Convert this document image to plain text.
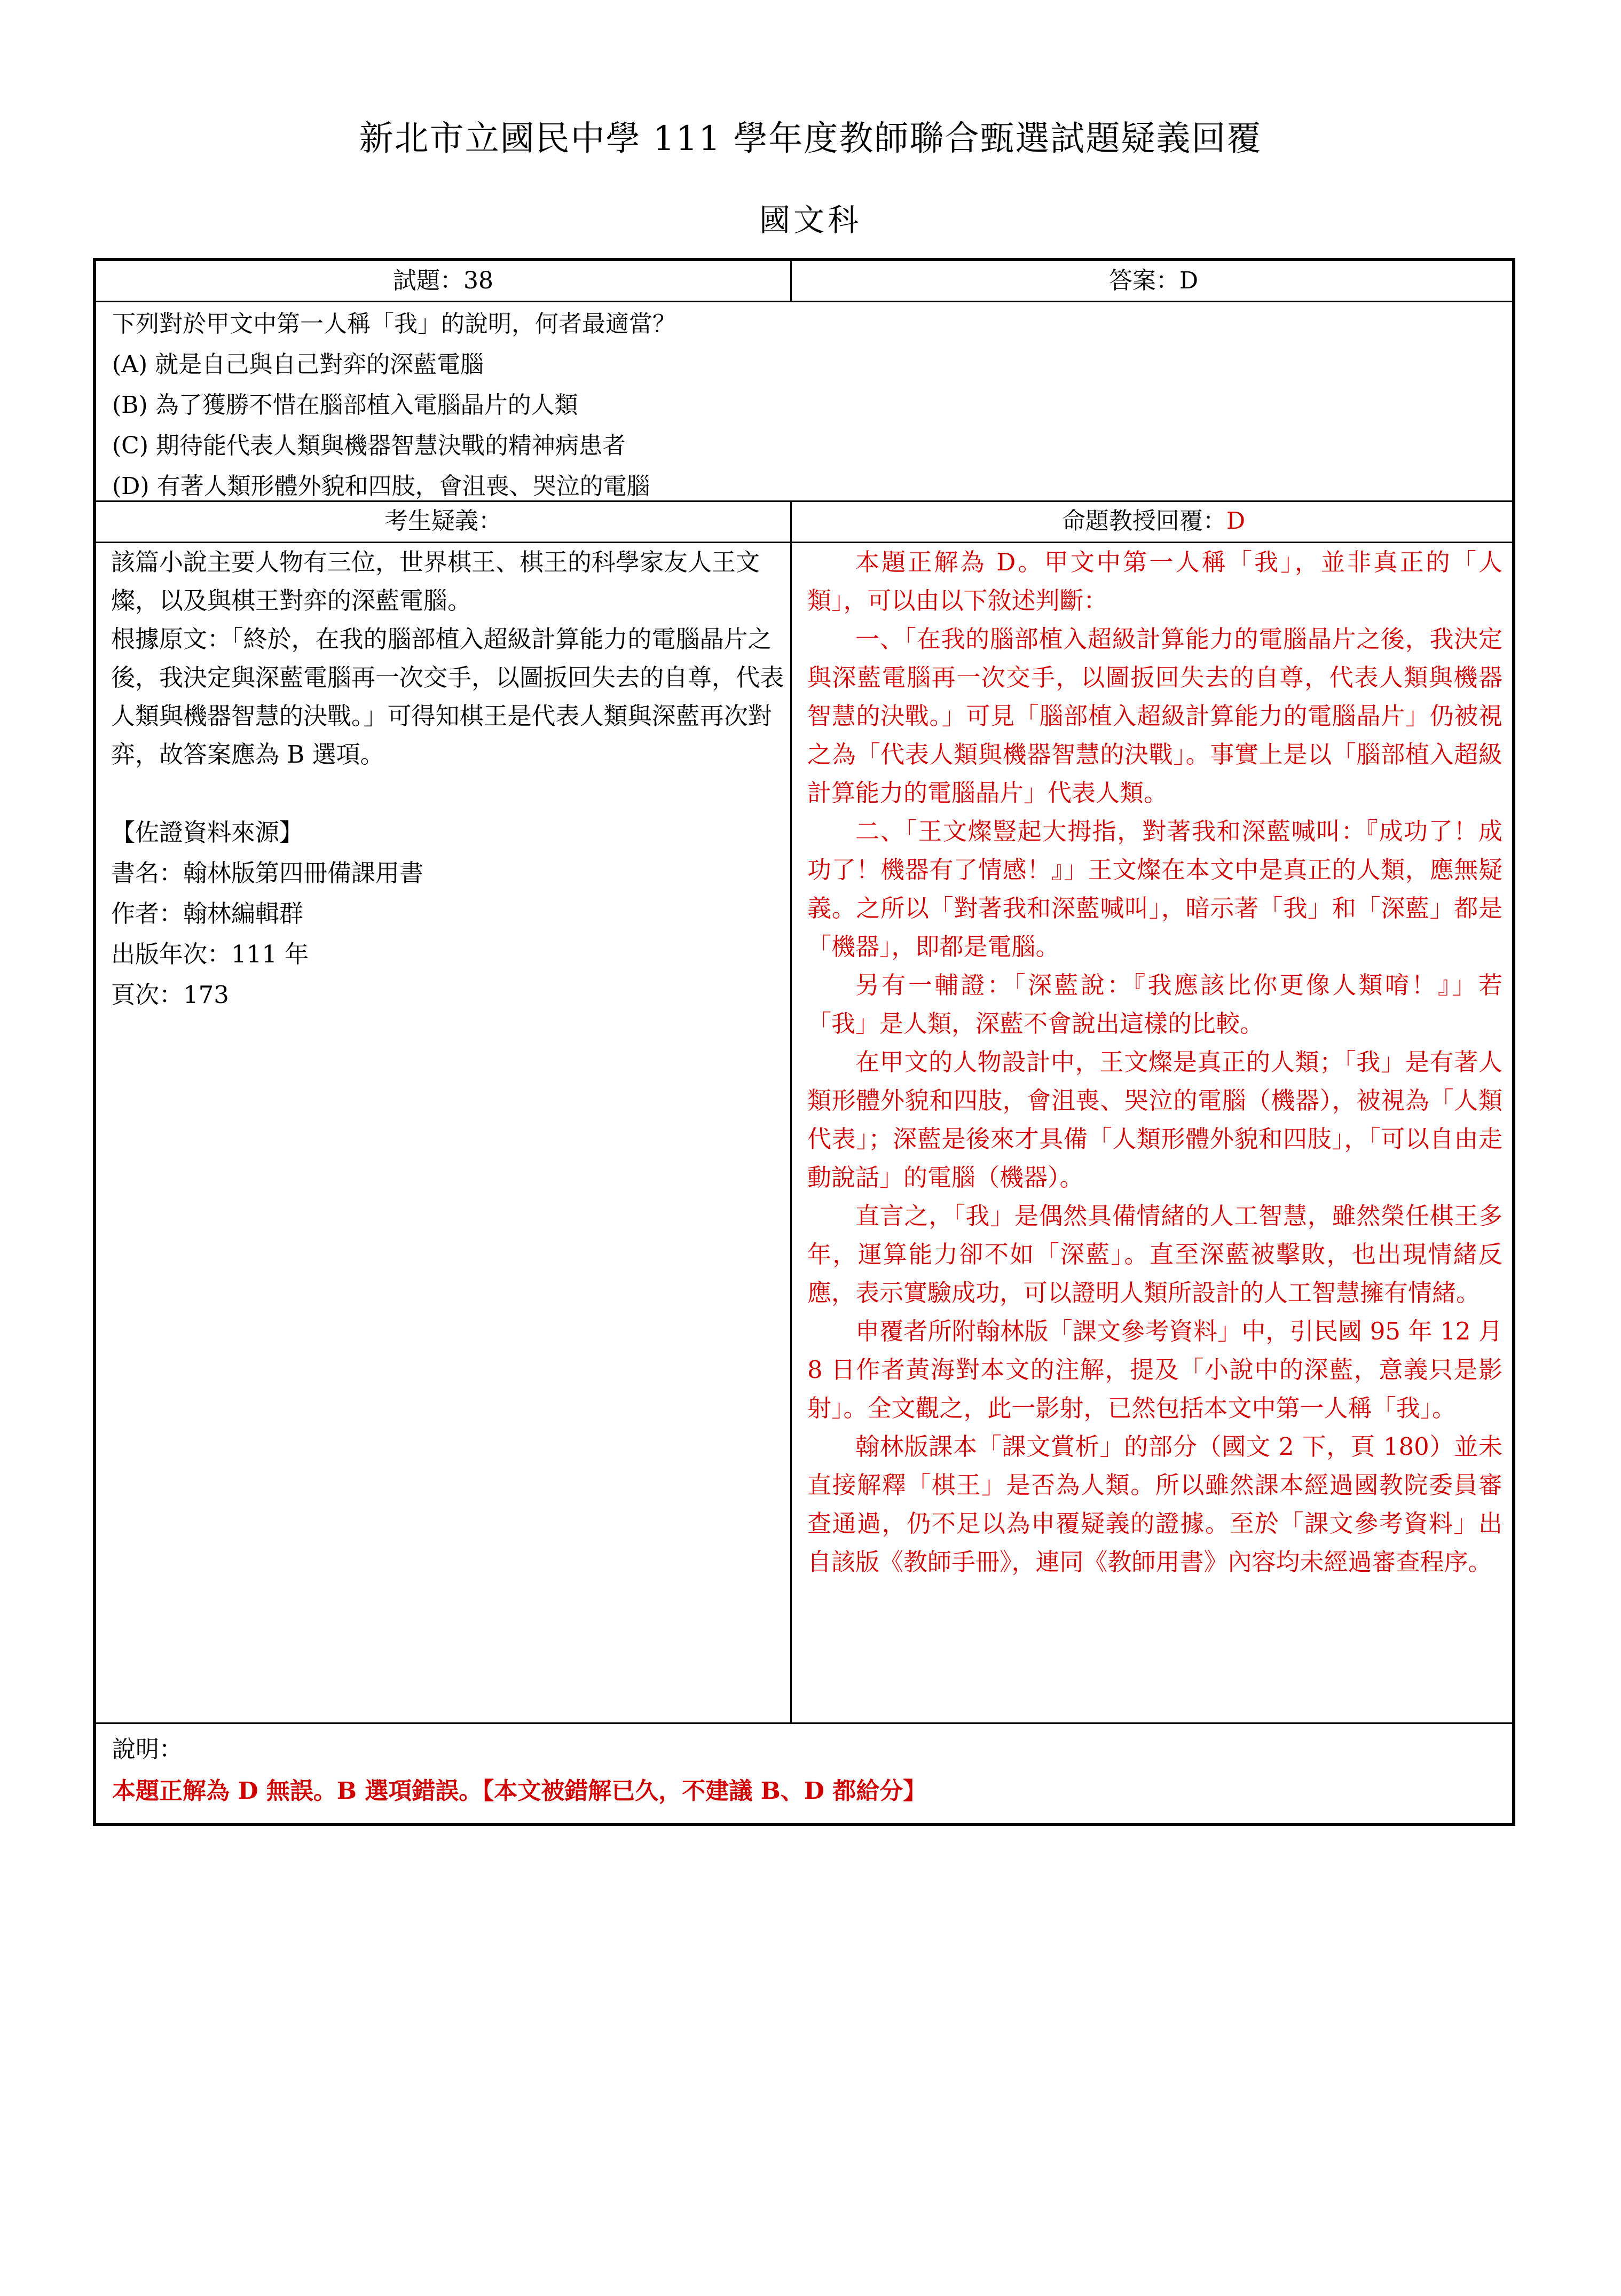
新北市立國民中學 111 學年度教師聯合甄選試題疑義回覆
國文科
試題：38	答案：D
下列對於甲文中第一人稱「我」的說明，何者最適當？
(A) 就是自己與自己對弈的深藍電腦
(B) 為了獲勝不惜在腦部植入電腦晶片的人類
(C) 期待能代表人類與機器智慧決戰的精神病患者
(D) 有著人類形體外貌和四肢，會沮喪、哭泣的電腦
考生疑義：	命題教授回覆：D

該篇小說主要人物有三位，世界棋王、棋王的科學家友人王文燦，以及與棋王對弈的深藍電腦。

根據原文：「終於，在我的腦部植入超級計算能力的電腦晶片之後，我決定與深藍電腦再一次交手，以圖扳回失去的自尊，代表人類與機器智慧的決戰。」可得知棋王是代表人類與深藍再次對弈，故答案應為 B 選項。

【佐證資料來源】
書名：翰林版第四冊備課用書
作者：翰林編輯群
出版年次：111 年
頁次：173

本題正解為 D。甲文中第一人稱「我」，並非真正的「人類」，可以由以下敘述判斷：

一、「在我的腦部植入超級計算能力的電腦晶片之後，我決定與深藍電腦再一次交手，以圖扳回失去的自尊，代表人類與機器智慧的決戰。」可見「腦部植入超級計算能力的電腦晶片」仍被視之為「代表人類與機器智慧的決戰」。事實上是以「腦部植入超級計算能力的電腦晶片」代表人類。

二、「王文燦豎起大拇指，對著我和深藍喊叫：『成功了！成功了！機器有了情感！』」王文燦在本文中是真正的人類，應無疑義。之所以「對著我和深藍喊叫」，暗示著「我」和「深藍」都是「機器」，即都是電腦。

另有一輔證：「深藍說：『我應該比你更像人類唷！』」若「我」是人類，深藍不會說出這樣的比較。

在甲文的人物設計中，王文燦是真正的人類；「我」是有著人類形體外貌和四肢，會沮喪、哭泣的電腦（機器），被視為「人類代表」；深藍是後來才具備「人類形體外貌和四肢」，「可以自由走動說話」的電腦（機器）。

直言之，「我」是偶然具備情緒的人工智慧，雖然榮任棋王多年，運算能力卻不如「深藍」。直至深藍被擊敗，也出現情緒反應，表示實驗成功，可以證明人類所設計的人工智慧擁有情緒。

申覆者所附翰林版「課文參考資料」中，引民國 95 年 12 月 8 日作者黃海對本文的注解，提及「小說中的深藍，意義只是影射」。全文觀之，此一影射，已然包括本文中第一人稱「我」。

翰林版課本「課文賞析」的部分（國文 2 下，頁 180）並未直接解釋「棋王」是否為人類。所以雖然課本經過國教院委員審查通過，仍不足以為申覆疑義的證據。至於「課文參考資料」出自該版《教師手冊》，連同《教師用書》內容均未經過審查程序。

說明：
本題正解為 D 無誤。B 選項錯誤。【本文被錯解已久，不建議 B、D 都給分】
